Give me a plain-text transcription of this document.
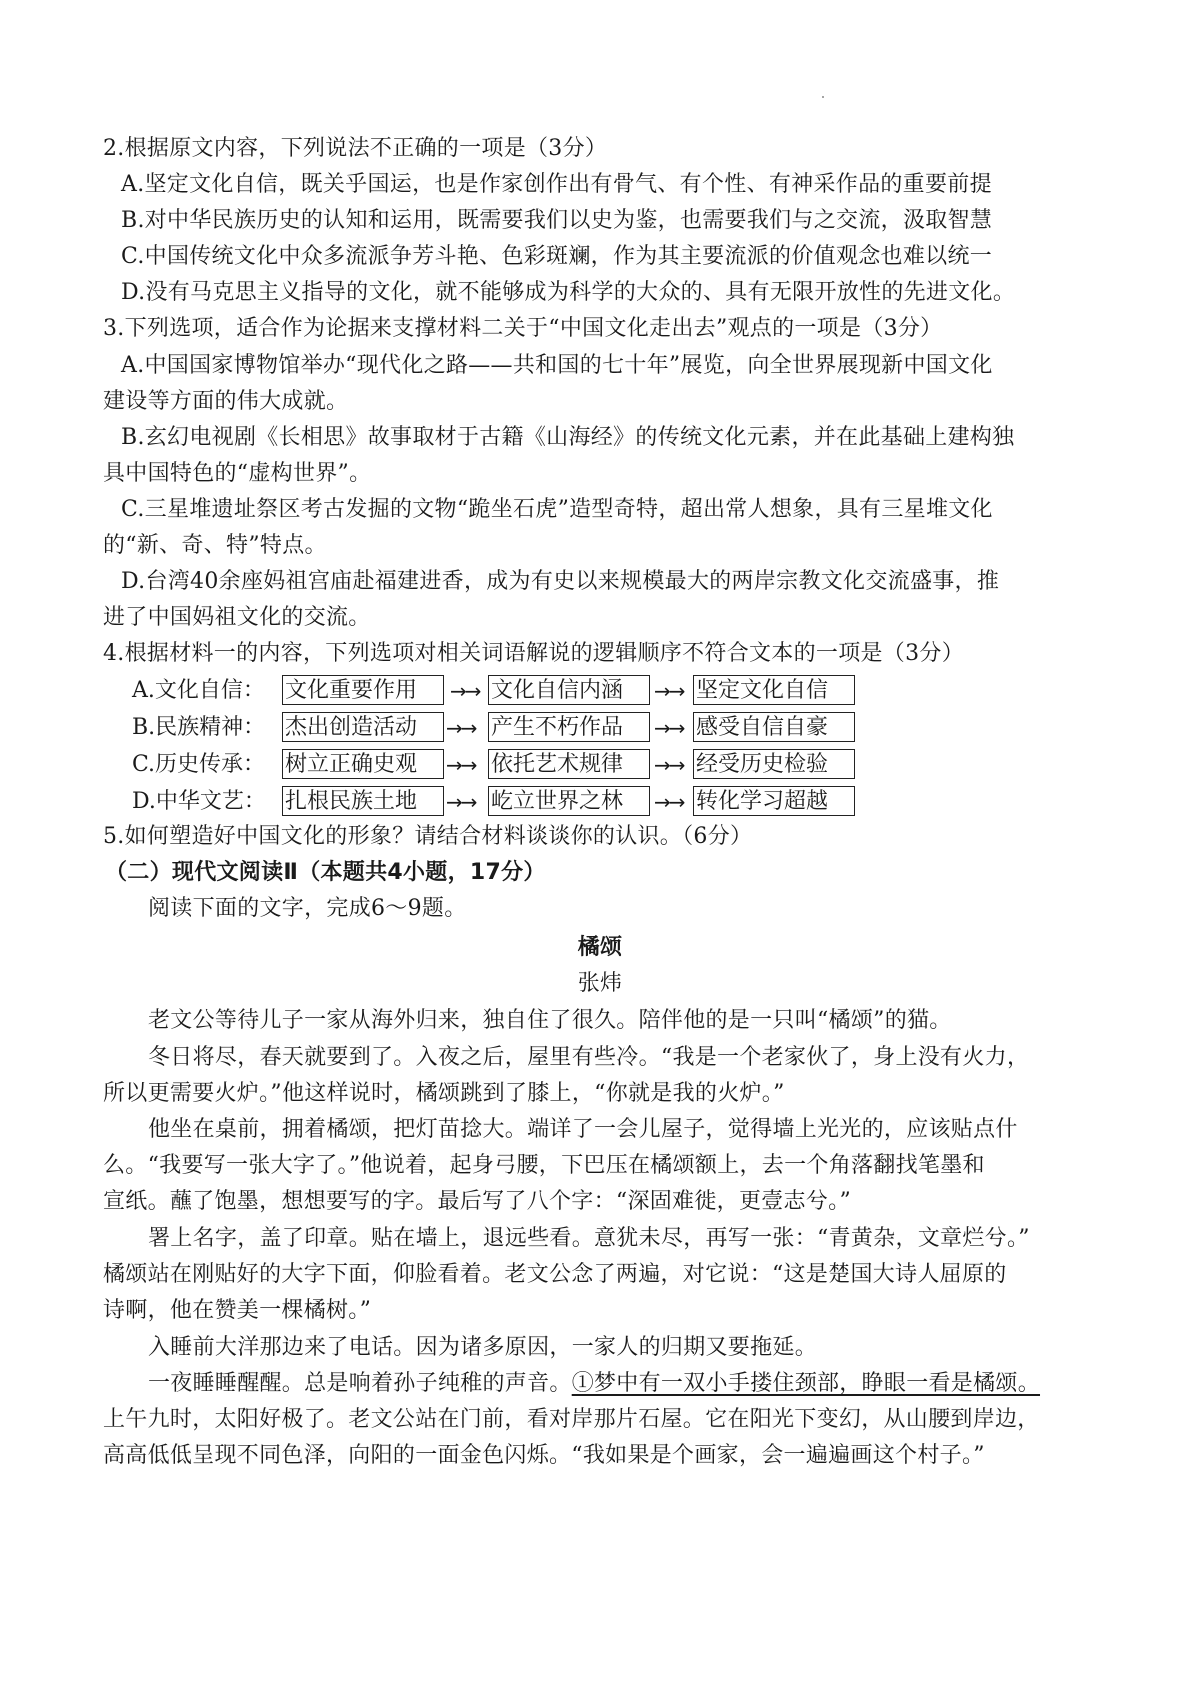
2.根据原文内容，下列说法不正确的一项是（3分）
A.坚定文化自信，既关乎国运，也是作家创作出有骨气、有个性、有神采作品的重要前提
B.对中华民族历史的认知和运用，既需要我们以史为鉴，也需要我们与之交流，汲取智慧
C.中国传统文化中众多流派争芳斗艳、色彩斑斓，作为其主要流派的价值观念也难以统一
D.没有马克思主义指导的文化，就不能够成为科学的大众的、具有无限开放性的先进文化。
3.下列选项，适合作为论据来支撑材料二关于“中国文化走出去”观点的一项是（3分）
A.中国国家博物馆举办“现代化之路——共和国的七十年”展览，向全世界展现新中国文化
建设等方面的伟大成就。
B.玄幻电视剧《长相思》故事取材于古籍《山海经》的传统文化元素，并在此基础上建构独
具中国特色的“虚构世界”。
C.三星堆遗址祭区考古发掘的文物“跪坐石虎”造型奇特，超出常人想象，具有三星堆文化
的“新、奇、特”特点。
D.台湾40余座妈祖宫庙赴福建进香，成为有史以来规模最大的两岸宗教文化交流盛事，推
进了中国妈祖文化的交流。
4.根据材料一的内容，下列选项对相关词语解说的逻辑顺序不符合文本的一项是（3分）
A.文化自信： 文化重要作用	→→ 文化自信内涵	→→ 坚定文化自信
B.民族精神： 杰出创造活动	→→ 产生不朽作品	→→ 感受自信自豪
C.历史传承： 树立正确史观	→→ 依托艺术规律	→→ 经受历史检验
D.中华文艺： 扎根民族土地	→→ 屹立世界之林	→→ 转化学习超越
5.如何塑造好中国文化的形象？请结合材料谈谈你的认识。（6分）
（二）现代文阅读Ⅱ（本题共4小题，17分）
阅读下面的文字，完成6～9题。
橘颂
张炜
老文公等待儿子一家从海外归来，独自住了很久。陪伴他的是一只叫“橘颂”的猫。
冬日将尽，春天就要到了。入夜之后，屋里有些冷。“我是一个老家伙了，身上没有火力，
所以更需要火炉。”他这样说时，橘颂跳到了膝上，“你就是我的火炉。”
他坐在桌前，拥着橘颂，把灯苗捻大。端详了一会儿屋子，觉得墙上光光的，应该贴点什
么。“我要写一张大字了。”他说着，起身弓腰，下巴压在橘颂额上，去一个角落翻找笔墨和
宣纸。蘸了饱墨，想想要写的字。最后写了八个字：“深固难徙，更壹志兮。”
署上名字，盖了印章。贴在墙上，退远些看。意犹未尽，再写一张：“青黄杂，文章烂兮。”
橘颂站在刚贴好的大字下面，仰脸看着。老文公念了两遍，对它说：“这是楚国大诗人屈原的
诗啊，他在赞美一棵橘树。”
入睡前大洋那边来了电话。因为诸多原因，一家人的归期又要拖延。
一夜睡睡醒醒。总是响着孙子纯稚的声音。①梦中有一双小手搂住颈部，睁眼一看是橘颂。
上午九时，太阳好极了。老文公站在门前，看对岸那片石屋。它在阳光下变幻，从山腰到岸边，
高高低低呈现不同色泽，向阳的一面金色闪烁。“我如果是个画家，会一遍遍画这个村子。”
